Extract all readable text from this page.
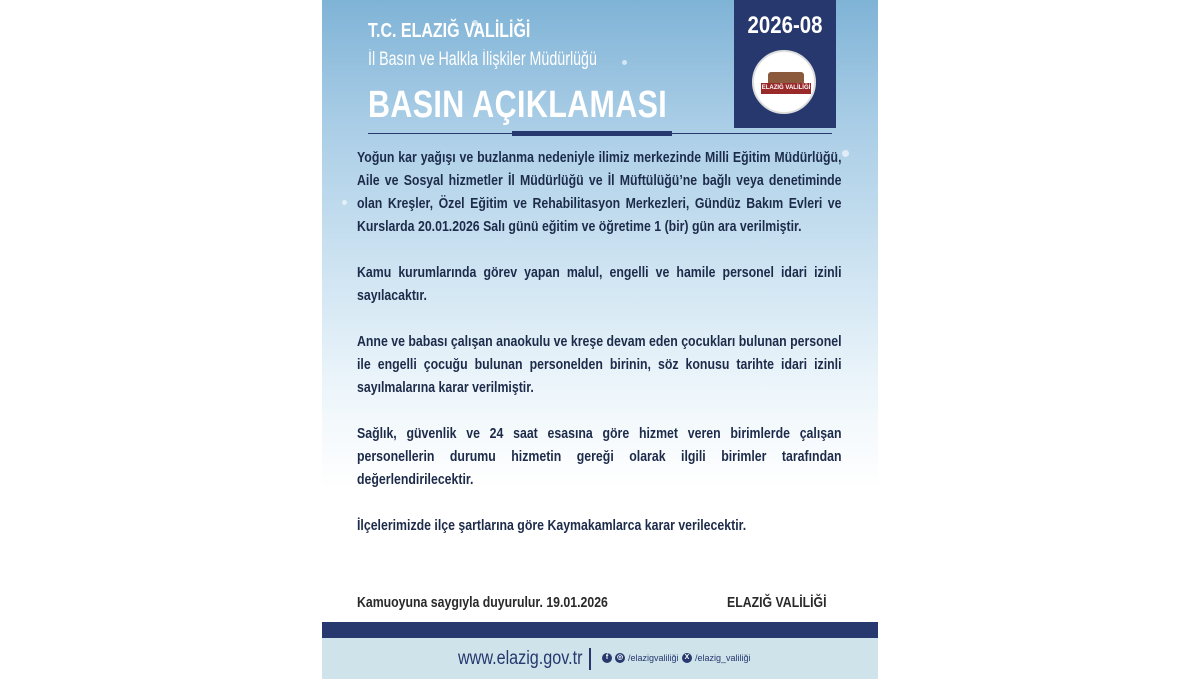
T.C. ELAZIĞ VALİLİĞİ
İl Basın ve Halkla İlişkiler Müdürlüğü
BASIN AÇIKLAMASI
2026-08
ELAZIĞ VALİLİĞİ

Yoğun kar yağışı ve buzlanma nedeniyle ilimiz merkezinde Milli Eğitim Müdürlüğü, Aile ve Sosyal hizmetler İl Müdürlüğü ve İl Müftülüğü’ne bağlı veya denetiminde olan Kreşler, Özel Eğitim ve Rehabilitasyon Merkezleri, Gündüz Bakım Evleri ve Kurslarda 20.01.2026 Salı günü eğitim ve öğretime 1 (bir) gün ara verilmiştir.

Kamu kurumlarında görev yapan malul, engelli ve hamile personel idari izinli sayılacaktır.

Anne ve babası çalışan anaokulu ve kreşe devam eden çocukları bulunan personel ile engelli çocuğu bulunan personelden birinin, söz konusu tarihte idari izinli sayılmalarına karar verilmiştir.

Sağlık, güvenlik ve 24 saat esasına göre hizmet veren birimlerde çalışan personellerin durumu hizmetin gereği olarak ilgili birimler tarafından değerlendirilecektir.

İlçelerimizde ilçe şartlarına göre Kaymakamlarca karar verilecektir.

Kamuoyuna saygıyla duyurulur. 19.01.2026	ELAZIĞ VALİLİĞİ
www.elazig.gov.tr	f	◎ /elazigvaliliği X /elazig_valiliği
